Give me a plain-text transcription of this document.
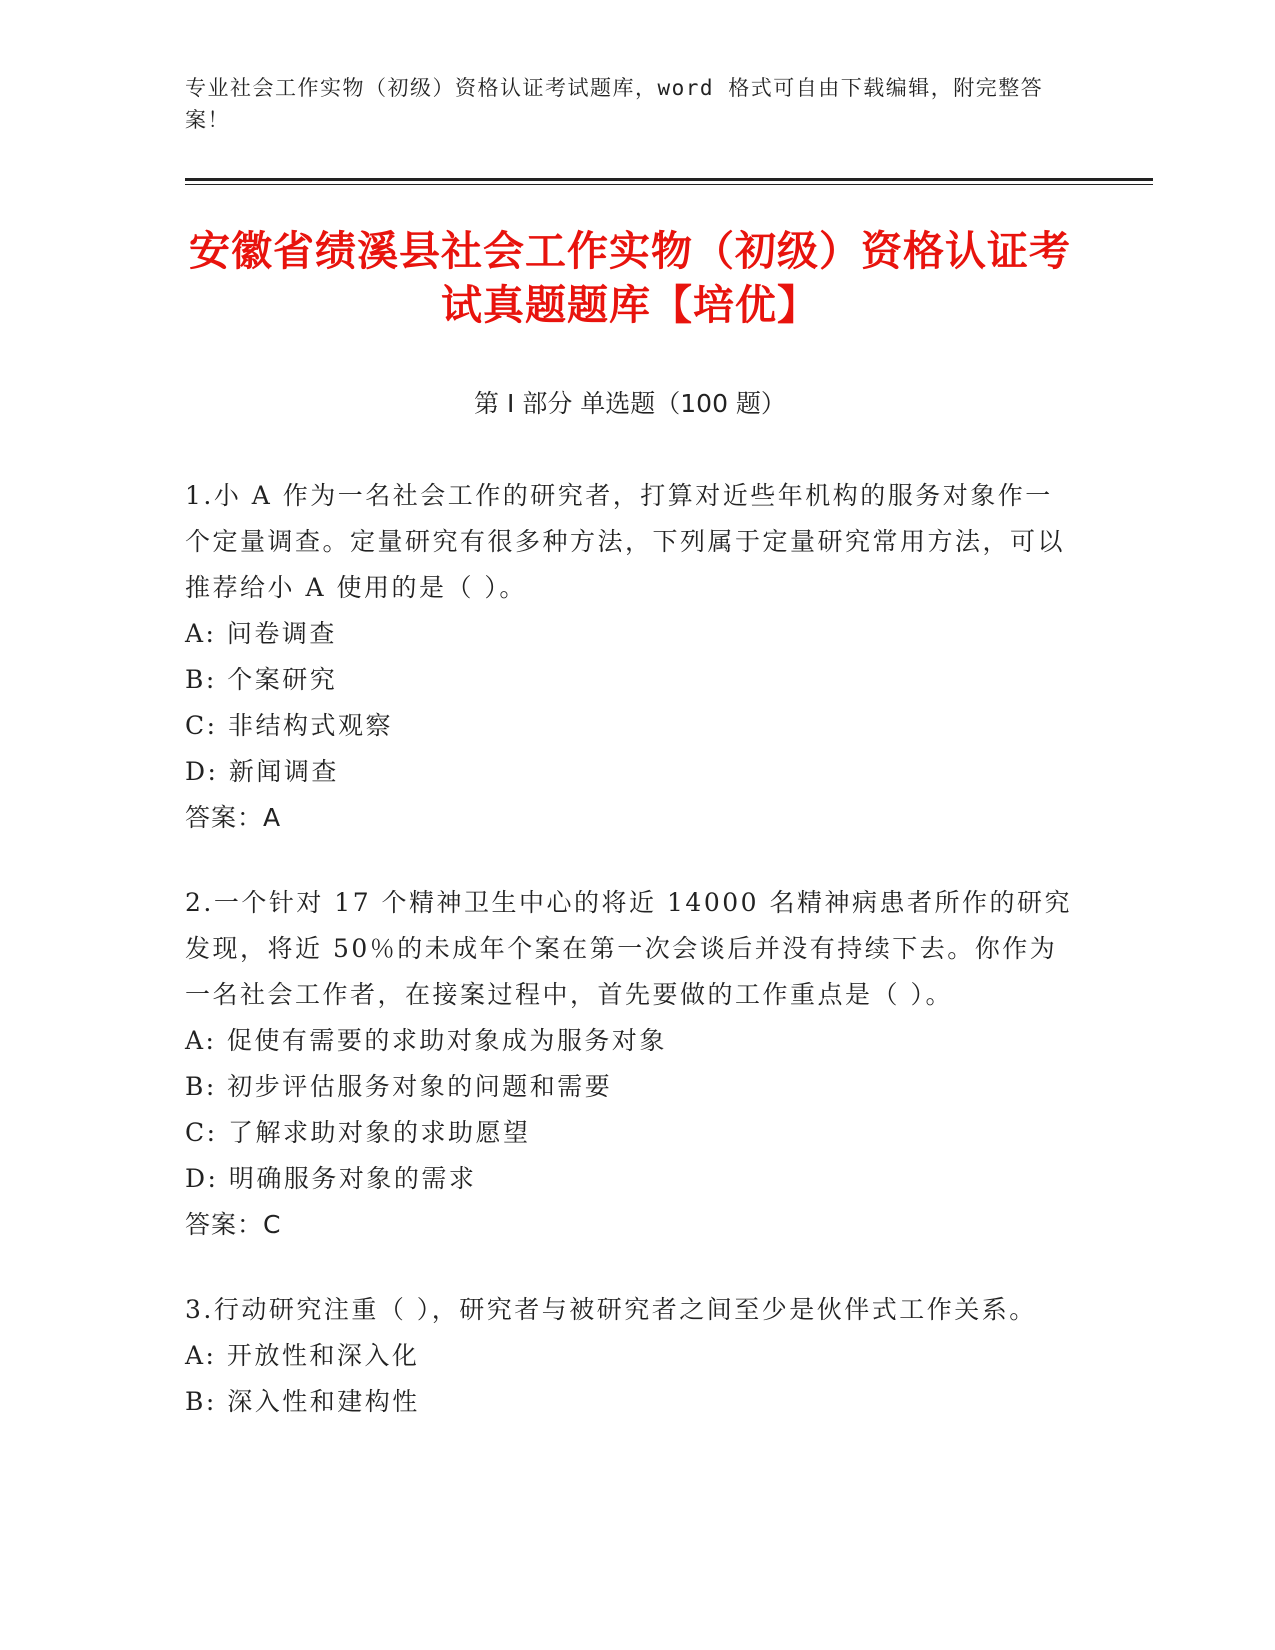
专业社会工作实物（初级）资格认证考试题库，word 格式可自由下载编辑，附完整答案！
安徽省绩溪县社会工作实物（初级）资格认证考试真题题库【培优】
第 I 部分 单选题（100 题）

1.小 A 作为一名社会工作的研究者，打算对近些年机构的服务对象作一个定量调查。定量研究有很多种方法，下列属于定量研究常用方法，可以推荐给小 A 使用的是（ ）。

A: 问卷调查
B: 个案研究
C: 非结构式观察
D: 新闻调查
答案：A

2.一个针对 17 个精神卫生中心的将近 14000 名精神病患者所作的研究发现，将近 50％的未成年个案在第一次会谈后并没有持续下去。你作为一名社会工作者，在接案过程中，首先要做的工作重点是（ ）。

A: 促使有需要的求助对象成为服务对象
B: 初步评估服务对象的问题和需要
C: 了解求助对象的求助愿望
D: 明确服务对象的需求
答案：C

3.行动研究注重（ ），研究者与被研究者之间至少是伙伴式工作关系。

A: 开放性和深入化
B: 深入性和建构性
